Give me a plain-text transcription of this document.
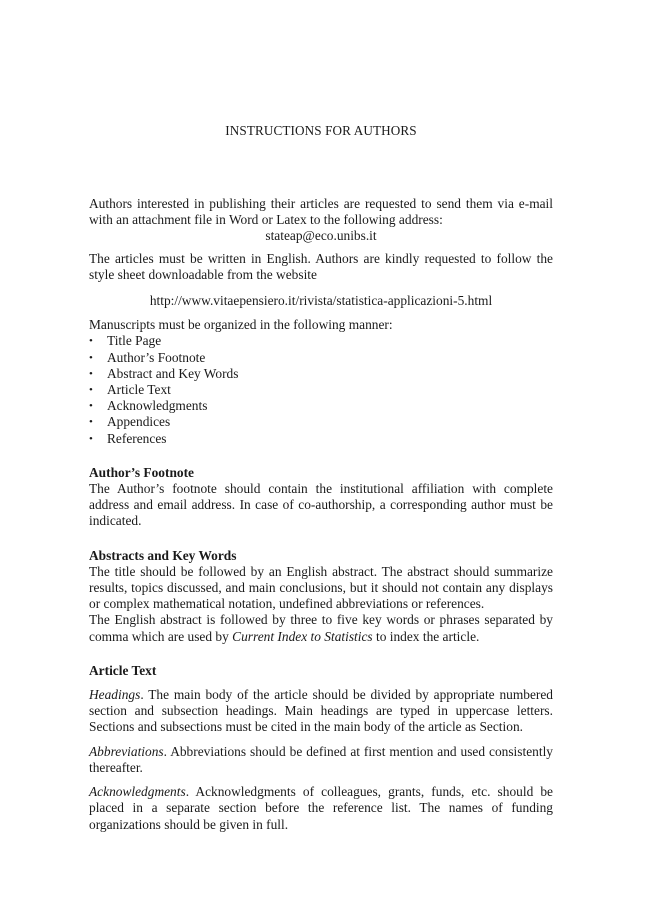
INSTRUCTIONS FOR AUTHORS

Authors interested in publishing their articles are requested to send them via e-mail with an attachment file in Word or Latex to the following address:

stateap@eco.unibs.it

The articles must be written in English. Authors are kindly requested to follow the style sheet downloadable from the website

http://www.vitaepensiero.it/rivista/statistica-applicazioni-5.html

Manuscripts must be organized in the following manner:

• Title Page
• Author’s Footnote
• Abstract and Key Words
• Article Text
• Acknowledgments
• Appendices
• References
Author’s Footnote

The Author’s footnote should contain the institutional affiliation with complete address and email address. In case of co-authorship, a corresponding author must be indicated.

Abstracts and Key Words

The title should be followed by an English abstract. The abstract should summarize results, topics discussed, and main conclusions, but it should not contain any displays or complex mathematical notation, undefined abbreviations or references.

The English abstract is followed by three to five key words or phrases separated by comma which are used by Current Index to Statistics to index the article.

Article Text

Headings. The main body of the article should be divided by appropriate numbered section and subsection headings. Main headings are typed in uppercase letters. Sections and subsections must be cited in the main body of the article as Section.

Abbreviations. Abbreviations should be defined at first mention and used consistently thereafter.

Acknowledgments. Acknowledgments of colleagues, grants, funds, etc. should be placed in a separate section before the reference list. The names of funding organizations should be given in full.
